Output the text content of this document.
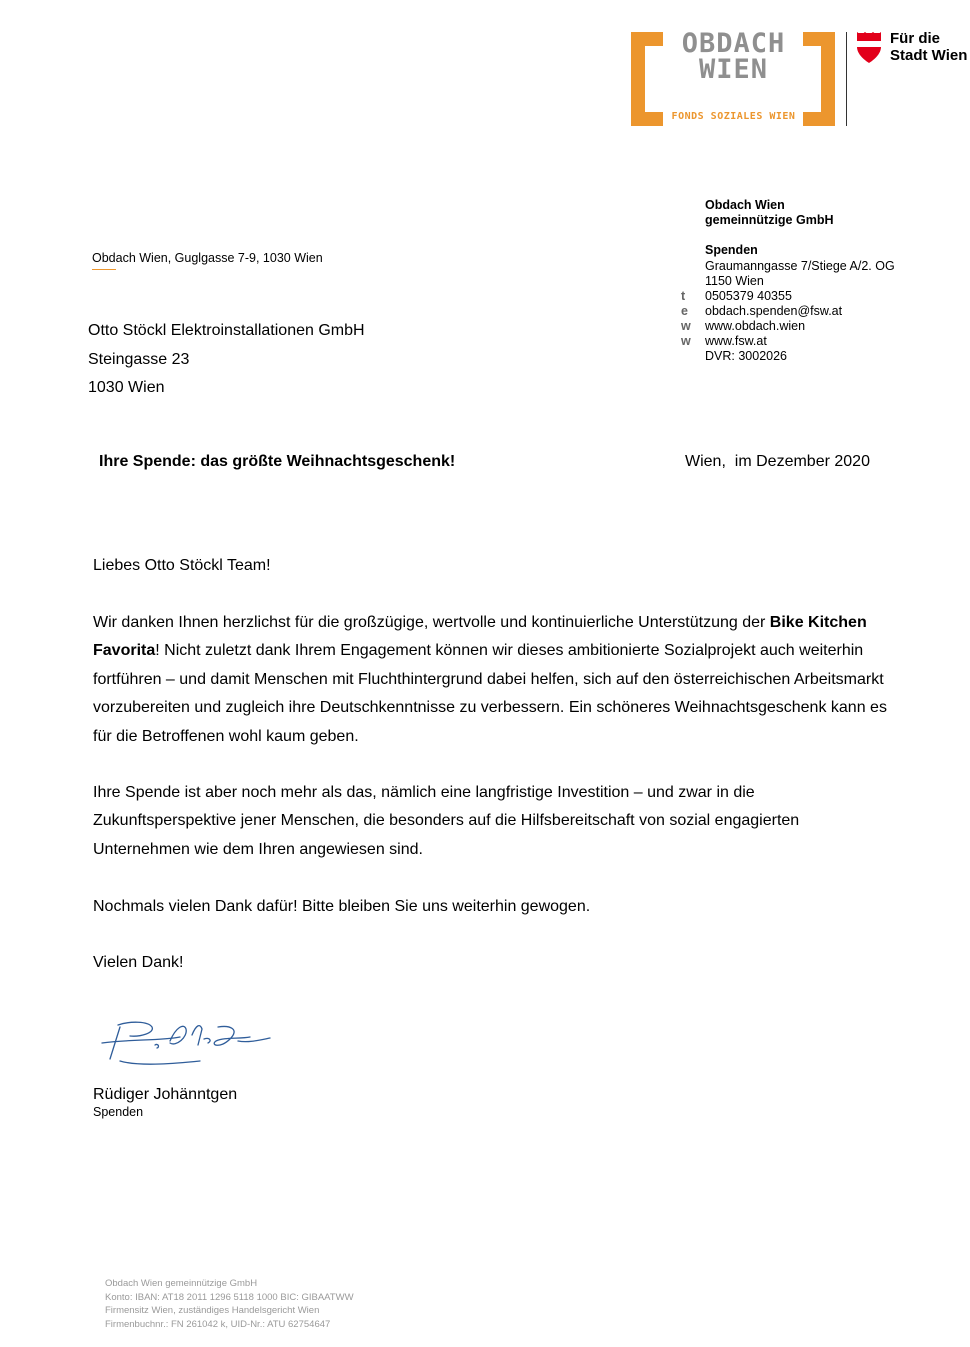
OBDACH
WIEN
FONDS SOZIALES WIEN
Für die
Stadt Wien
Obdach Wien
gemeinnützige GmbH
Spenden
Graumanngasse 7/Stiege A/2. OG
1150 Wien
t 0505379 40355
e obdach.spenden@fsw.at
w www.obdach.wien
w www.fsw.at
DVR: 3002026
Obdach Wien, Guglgasse 7-9, 1030 Wien
Otto Stöckl Elektroinstallationen GmbH
Steingasse 23
1030 Wien
Ihre Spende: das größte Weihnachtsgeschenk!	Wien,  im Dezember 2020
Liebes Otto Stöckl Team!

Wir danken Ihnen herzlichst für die großzügige, wertvolle und kontinuierliche Unterstützung der Bike Kitchen Favorita! Nicht zuletzt dank Ihrem Engagement können wir dieses ambitionierte Sozialprojekt auch weiterhin fortführen – und damit Menschen mit Fluchthintergrund dabei helfen, sich auf den österreichischen Arbeitsmarkt vorzubereiten und zugleich ihre Deutschkenntnisse zu verbessern. Ein schöneres Weihnachtsgeschenk kann es für die Betroffenen wohl kaum geben.

Ihre Spende ist aber noch mehr als das, nämlich eine langfristige Investition – und zwar in die Zukunftsperspektive jener Menschen, die besonders auf die Hilfsbereitschaft von sozial engagierten Unternehmen wie dem Ihren angewiesen sind.
Nochmals vielen Dank dafür! Bitte bleiben Sie uns weiterhin gewogen.
Vielen Dank!
Rüdiger Johänntgen
Spenden
Obdach Wien gemeinnützige GmbH
Konto: IBAN: AT18 2011 1296 5118 1000 BIC: GIBAATWW
Firmensitz Wien, zuständiges Handelsgericht Wien
Firmenbuchnr.: FN 261042 k, UID-Nr.: ATU 62754647
